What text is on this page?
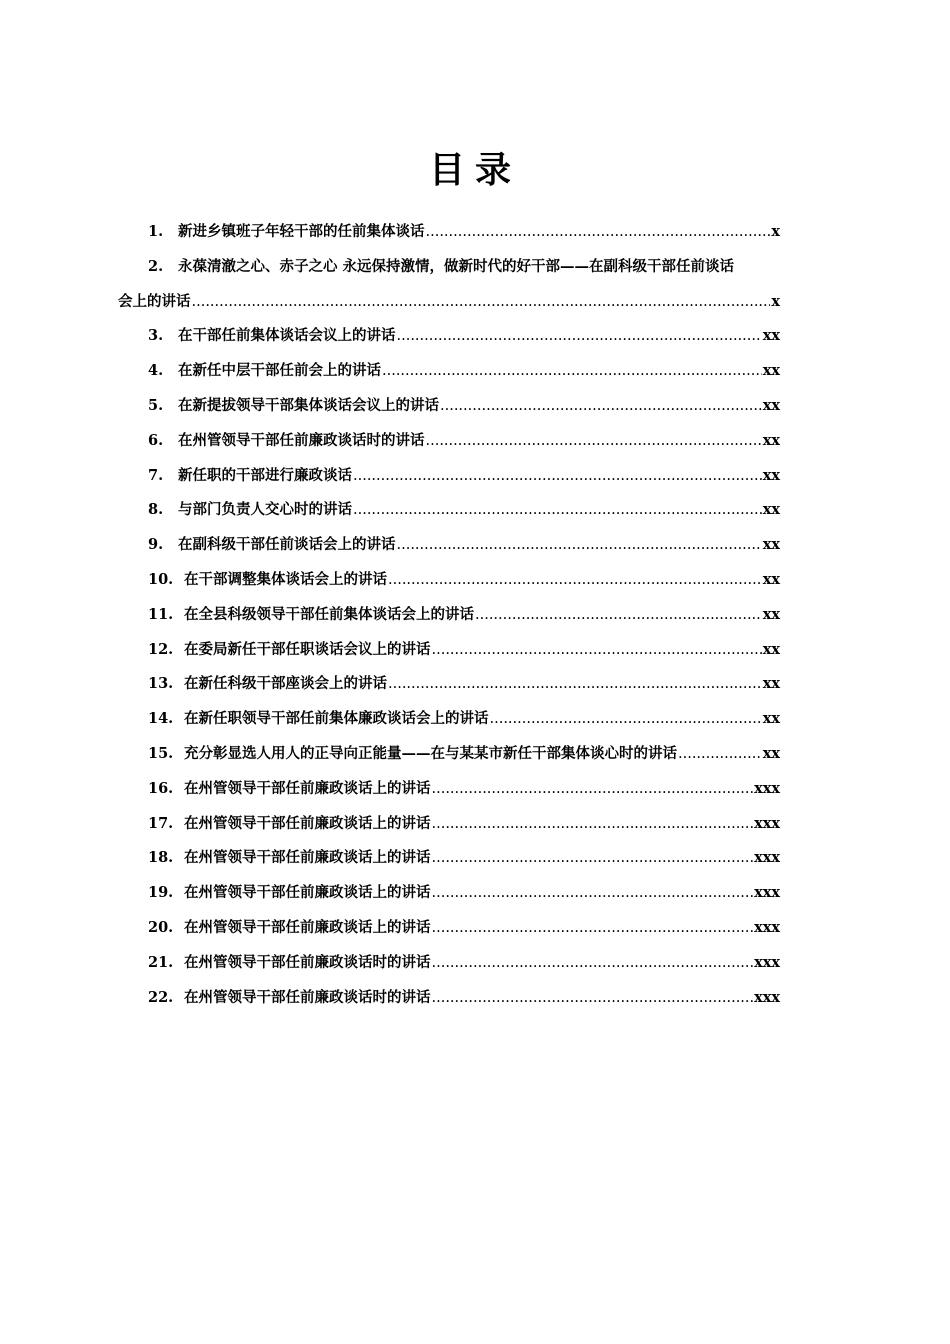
目录
1.	新进乡镇班子年轻干部的任前集体谈话 .....	x
2.	永葆清澈之心、赤子之心 永远保持激情，做新时代的好干部——在副科级干部任前谈话
会上的讲话 .....	x
3.	在干部任前集体谈话会议上的讲话 .....	xx
4.	在新任中层干部任前会上的讲话 .....	xx
5.	在新提拔领导干部集体谈话会议上的讲话 .....	xx
6.	在州管领导干部任前廉政谈话时的讲话 .....	xx
7.	新任职的干部进行廉政谈话 .....	xx
8.	与部门负责人交心时的讲话 .....	xx
9.	在副科级干部任前谈话会上的讲话 .....	xx
10. 在干部调整集体谈话会上的讲话 .....	xx
11. 在全县科级领导干部任前集体谈话会上的讲话 .....	xx
12. 在委局新任干部任职谈话会议上的讲话 .....	xx
13. 在新任科级干部座谈会上的讲话 .....	xx
14. 在新任职领导干部任前集体廉政谈话会上的讲话 .....	xx
15. 充分彰显选人用人的正导向正能量——在与某某市新任干部集体谈心时的讲话 .....	xx
16. 在州管领导干部任前廉政谈话上的讲话 .....	xxx
17. 在州管领导干部任前廉政谈话上的讲话 .....	xxx
18. 在州管领导干部任前廉政谈话上的讲话 .....	xxx
19. 在州管领导干部任前廉政谈话上的讲话 .....	xxx
20. 在州管领导干部任前廉政谈话上的讲话 .....	xxx
21. 在州管领导干部任前廉政谈话时的讲话 .....	xxx
22. 在州管领导干部任前廉政谈话时的讲话 .....	xxx
